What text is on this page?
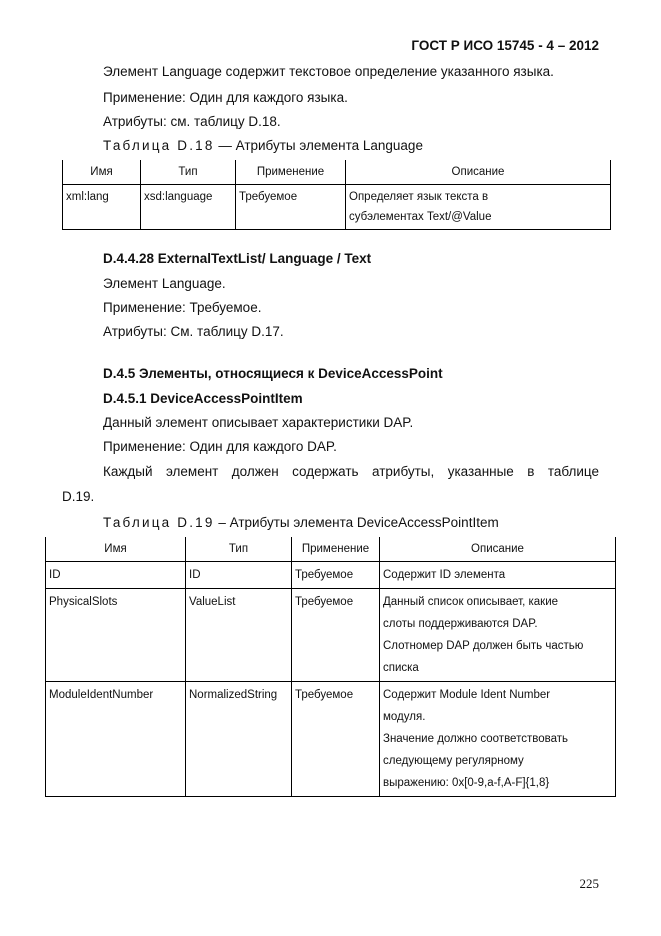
ГОСТ Р ИСО 15745 - 4 – 2012
Элемент Language содержит текстовое определение указанного языка.
Применение: Один для каждого языка.
Атрибуты: см. таблицу D.18.
Таблица D.18 — Атрибуты элемента Language
Имя	Тип	Применение	Описание
xml:lang	xsd:language	Требуемое	Определяет язык текста в
субэлементах Text/@Value
D.4.4.28 ExternalTextList/ Language / Text
Элемент Language.
Применение: Требуемое.
Атрибуты: См. таблицу D.17.
D.4.5 Элементы, относящиеся к DeviceAccessPoint
D.4.5.1 DeviceAccessPointItem
Данный элемент описывает характеристики DAP.
Применение: Один для каждого DAP.
Каждый элемент должен содержать атрибуты, указанные в таблице
D.19.
Таблица D.19 – Атрибуты элемента DeviceAccessPointItem
Имя	Тип	Применение	Описание
ID	ID	Требуемое	Содержит ID элемента

PhysicalSlots	ValueList	Требуемое	Данный список описывает, какие
слоты поддерживаются DAP.
Слотномер DAP должен быть частью
списка

ModuleIdentNumber	NormalizedString	Требуемое	Содержит Module Ident Number
модуля.
Значение должно соответствовать
следующему регулярному
выражению: 0x[0-9,a-f,A-F]{1,8}
225
